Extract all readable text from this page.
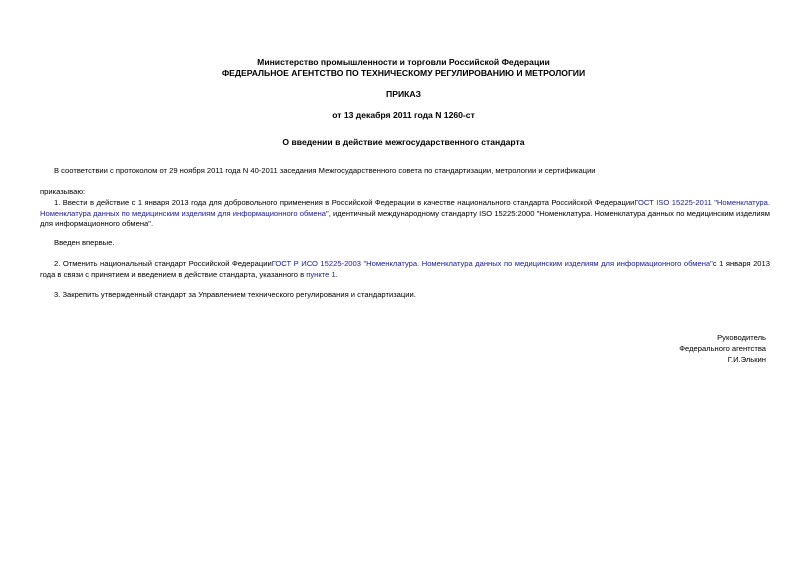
Министерство промышленности и торговли Российской Федерации
ФЕДЕРАЛЬНОЕ АГЕНТСТВО ПО ТЕХНИЧЕСКОМУ РЕГУЛИРОВАНИЮ И МЕТРОЛОГИИ
ПРИКАЗ
от 13 декабря 2011 года N 1260-ст
О введении в действие межгосударственного стандарта
В соответствии с протоколом от 29 ноября 2011 года N 40-2011 заседания Межгосударственного совета по стандартизации, метрологии и сертификации
приказываю:
1. Ввести в действие с 1 января 2013 года для добровольного применения в Российской Федерации в качестве национального стандарта Российской ФедерацииГОСТ ISO 15225-2011 "Номенклатура. Номенклатура данных по медицинским изделиям для информационного обмена", идентичный международному стандарту ISO 15225:2000 "Номенклатура. Номенклатура данных по медицинским изделиям для информационного обмена".
Введен впервые.
2. Отменить национальный стандарт Российской ФедерацииГОСТ Р ИСО 15225-2003 "Номенклатура. Номенклатура данных по медицинским изделиям для информационного обмена"с 1 января 2013 года в связи с принятием и введением в действие стандарта, указанного в пункте 1.
3. Закрепить утвержденный стандарт за Управлением технического регулирования и стандартизации.
Руководитель
Федерального агентства
Г.И.Элькин
